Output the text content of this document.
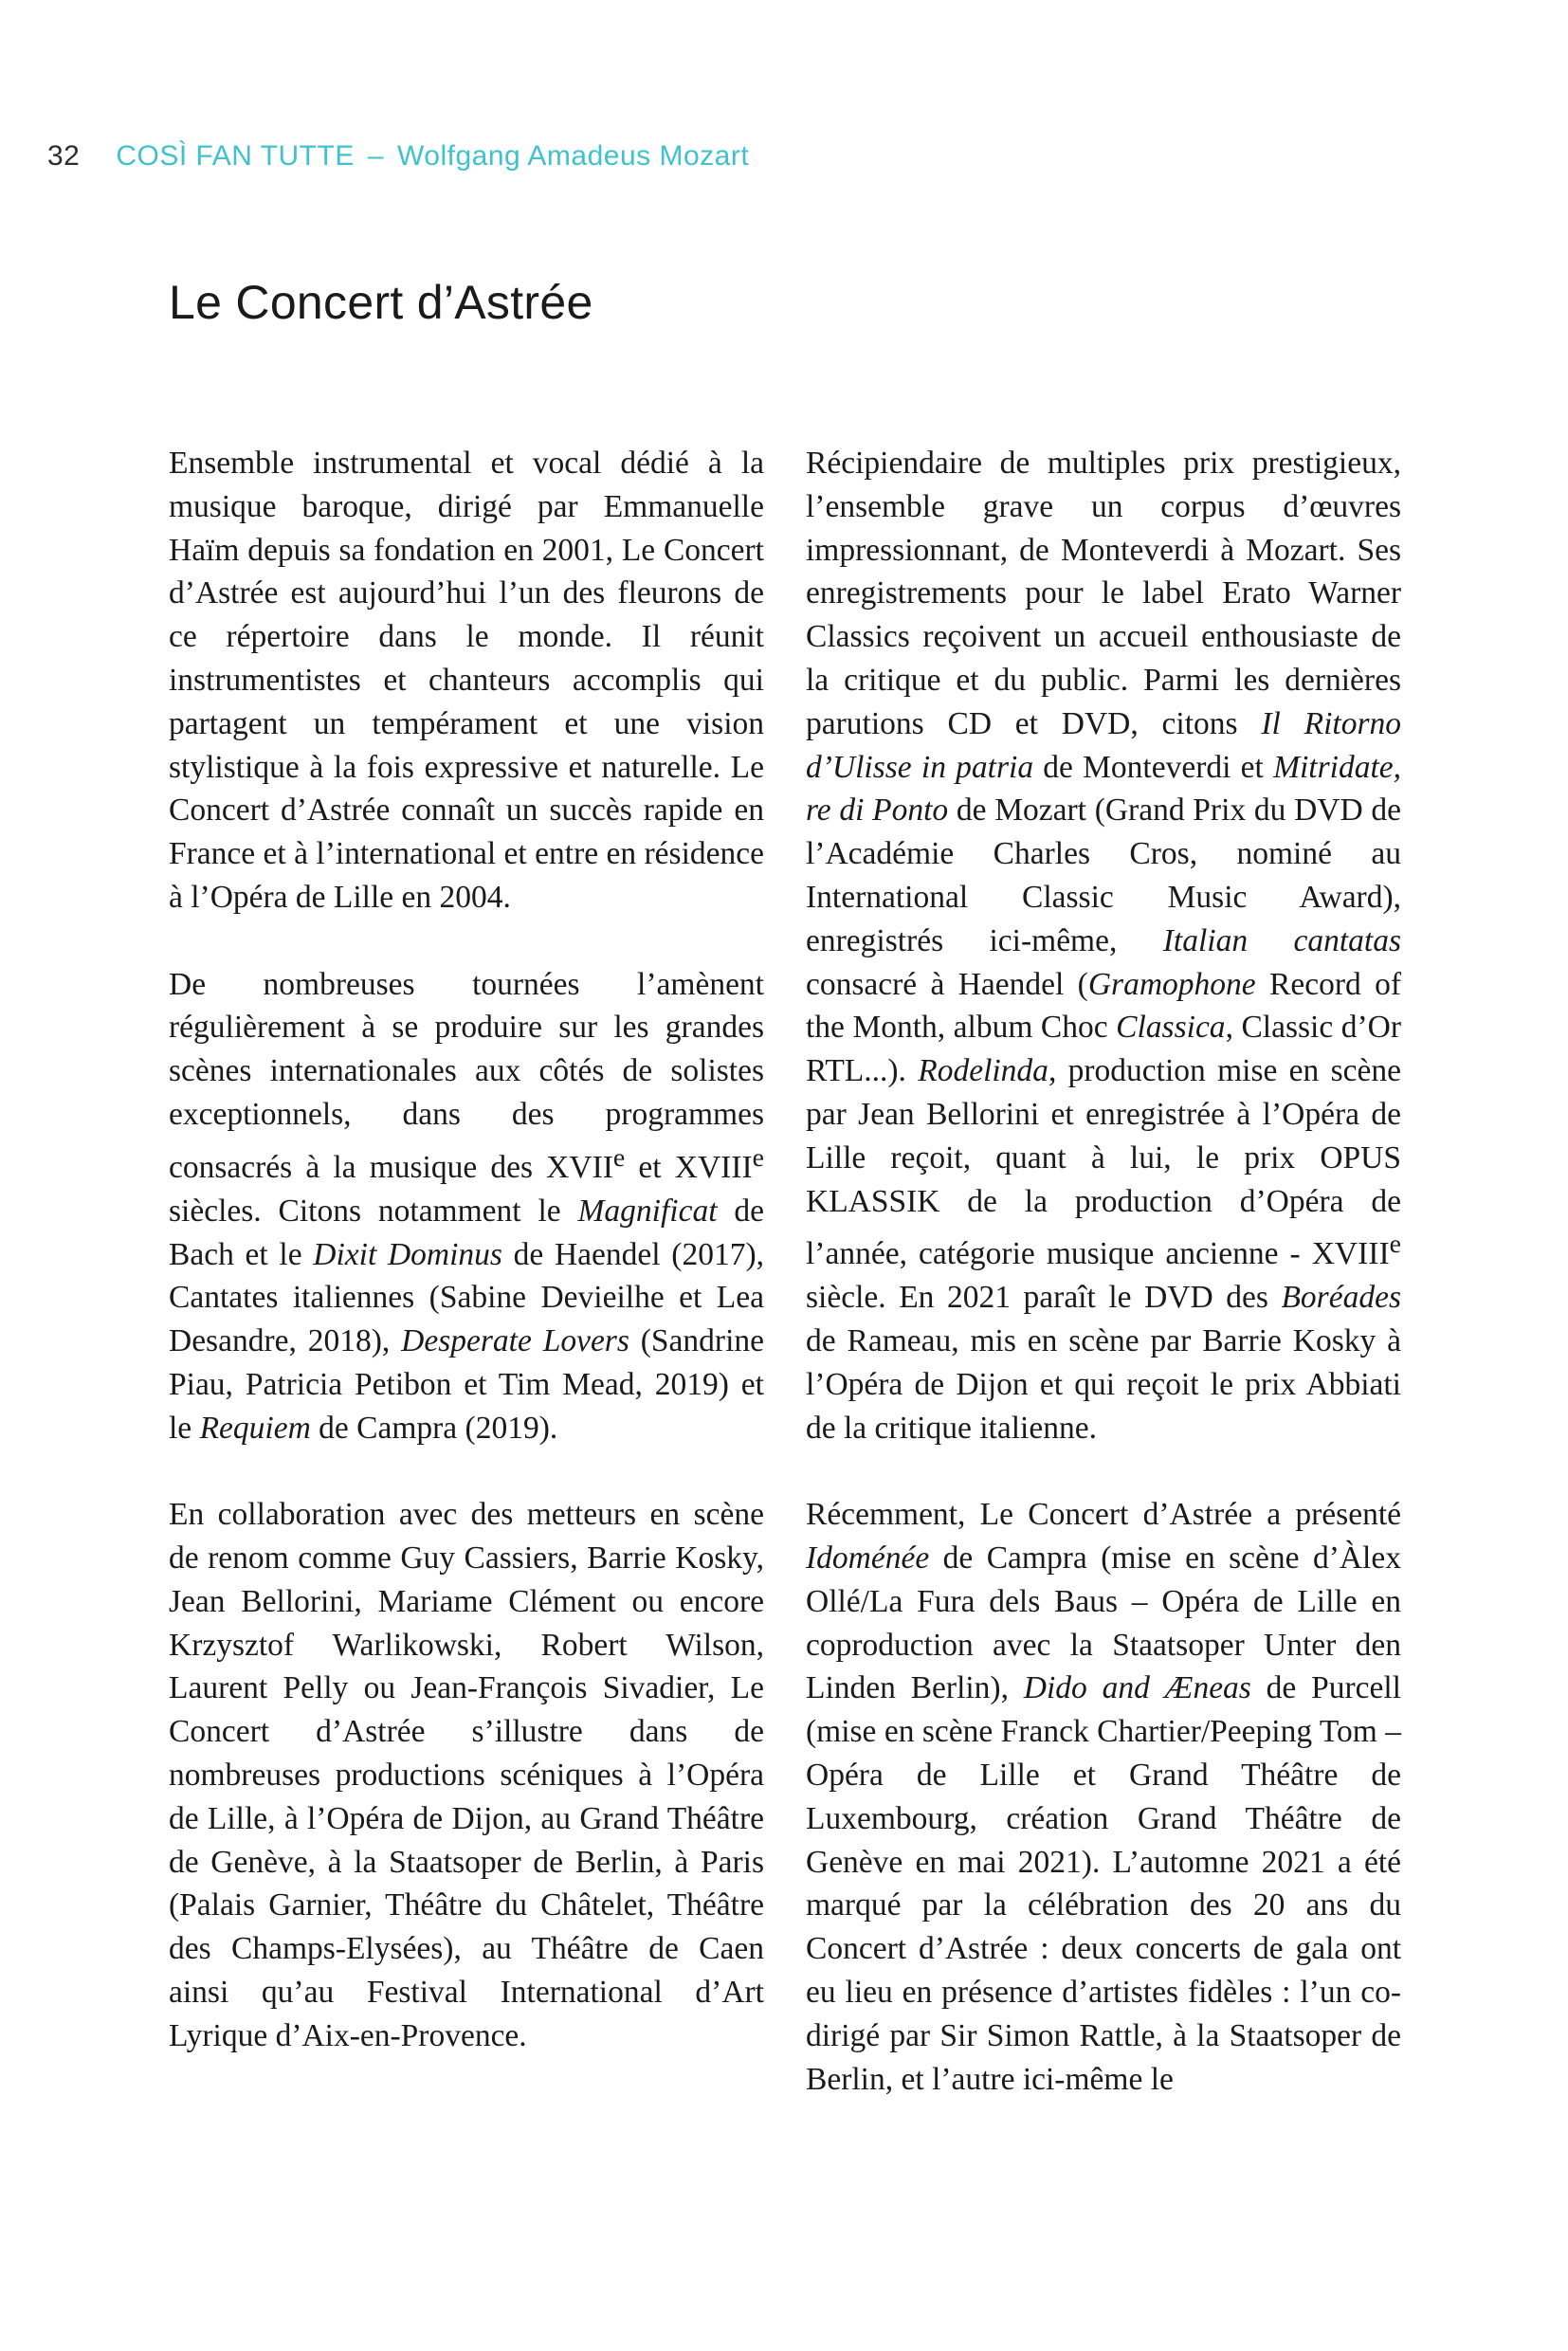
32 COSÌ FAN TUTTE – Wolfgang Amadeus Mozart
Le Concert d’Astrée

Ensemble instrumental et vocal dédié à la musique baroque, dirigé par Emmanuelle Haïm depuis sa fondation en 2001, Le Concert d’Astrée est aujourd’hui l’un des fleurons de ce répertoire dans le monde. Il réunit instrumentistes et chanteurs accomplis qui partagent un tempérament et une vision stylistique à la fois expressive et naturelle. Le Concert d’Astrée connaît un succès rapide en France et à l’international et entre en résidence à l’Opéra de Lille en 2004.

De nombreuses tournées l’amènent régulièrement à se produire sur les grandes scènes internationales aux côtés de solistes exceptionnels, dans des programmes consacrés à la musique des XVIIe et XVIIIe siècles. Citons notamment le Magnificat de Bach et le Dixit Dominus de Haendel (2017), Cantates italiennes (Sabine Devieilhe et Lea Desandre, 2018), Desperate Lovers (Sandrine Piau, Patricia Petibon et Tim Mead, 2019) et le Requiem de Campra (2019).

En collaboration avec des metteurs en scène de renom comme Guy Cassiers, Barrie Kosky, Jean Bellorini, Mariame Clément ou encore Krzysztof Warlikowski, Robert Wilson, Laurent Pelly ou Jean-François Sivadier, Le Concert d’Astrée s’illustre dans de nombreuses productions scéniques à l’Opéra de Lille, à l’Opéra de Dijon, au Grand Théâtre de Genève, à la Staatsoper de Berlin, à Paris (Palais Garnier, Théâtre du Châtelet, Théâtre des Champs-Elysées), au Théâtre de Caen ainsi qu’au Festival International d’Art Lyrique d’Aix-en-Provence.

Récipiendaire de multiples prix prestigieux, l’ensemble grave un corpus d’œuvres impressionnant, de Monteverdi à Mozart. Ses enregistrements pour le label Erato Warner Classics reçoivent un accueil enthousiaste de la critique et du public. Parmi les dernières parutions CD et DVD, citons Il Ritorno d’Ulisse in patria de Monteverdi et Mitridate, re di Ponto de Mozart (Grand Prix du DVD de l’Académie Charles Cros, nominé au International Classic Music Award), enregistrés ici-même, Italian cantatas consacré à Haendel (Gramophone Record of the Month, album Choc Classica, Classic d’Or RTL...). Rodelinda, production mise en scène par Jean Bellorini et enregistrée à l’Opéra de Lille reçoit, quant à lui, le prix OPUS KLASSIK de la production d’Opéra de l’année, catégorie musique ancienne - XVIIIe siècle. En 2021 paraît le DVD des Boréades de Rameau, mis en scène par Barrie Kosky à l’Opéra de Dijon et qui reçoit le prix Abbiati de la critique italienne.

Récemment, Le Concert d’Astrée a présenté Idoménée de Campra (mise en scène d’Àlex Ollé/La Fura dels Baus – Opéra de Lille en coproduction avec la Staatsoper Unter den Linden Berlin), Dido and Æneas de Purcell (mise en scène Franck Chartier/Peeping Tom – Opéra de Lille et Grand Théâtre de Luxembourg, création Grand Théâtre de Genève en mai 2021). L’automne 2021 a été marqué par la célébration des 20 ans du Concert d’Astrée : deux concerts de gala ont eu lieu en présence d’artistes fidèles : l’un co-dirigé par Sir Simon Rattle, à la Staatsoper de Berlin, et l’autre ici-même le
